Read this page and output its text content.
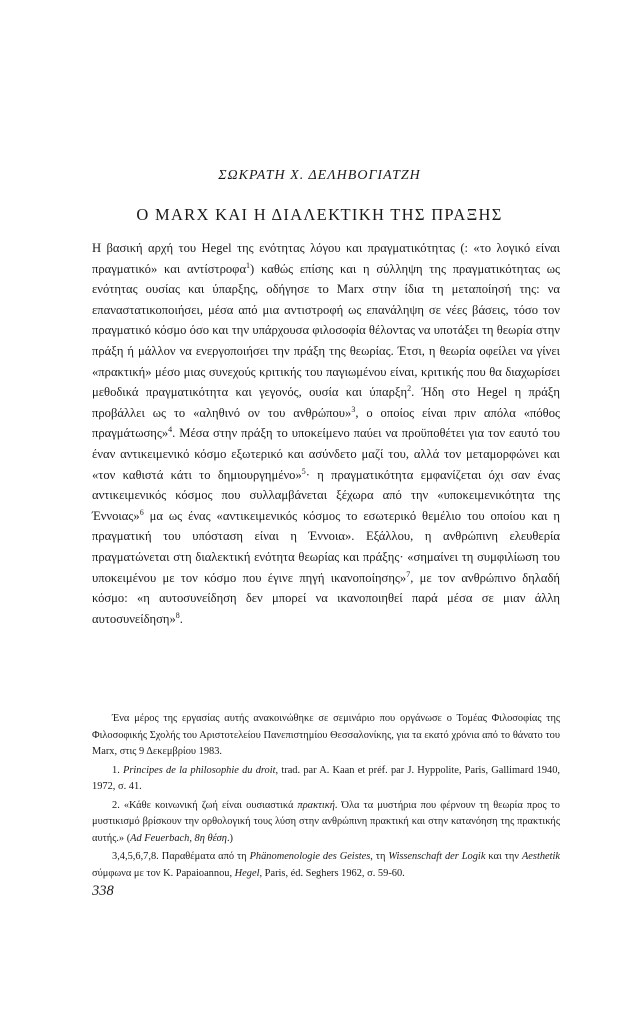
ΣΩΚΡΑΤΗ Χ. ΔΕΛΗΒΟΓΙΑΤΖΗ
Ο MARX ΚΑΙ Η ΔΙΑΛΕΚΤΙΚΗ ΤΗΣ ΠΡΑΞΗΣ

Η βασική αρχή του Hegel της ενότητας λόγου και πραγματικότητας (: «το λογικό είναι πραγματικό» και αντίστροφα$^1$) καθώς επίσης και η σύλληψη της πραγματικότητας ως ενότητας ουσίας και ύπαρξης, οδήγησε το Marx στην ίδια τη μεταποίησή της: να επαναστατικοποιήσει, μέσα από μια αντιστροφή ως επανάληψη σε νέες βάσεις, τόσο τον πραγματικό κόσμο όσο και την υπάρχουσα φιλοσοφία θέλοντας να υποτάξει τη θεωρία στην πράξη ή μάλλον να ενεργοποιήσει την πράξη της θεωρίας. Έτσι, η θεωρία οφείλει να γίνει «πρακτική» μέσο μιας συνεχούς κριτικής του παγιωμένου είναι, κριτικής που θα διαχωρίσει μεθοδικά πραγματικότητα και γεγονός, ουσία και ύπαρξη$^2$. Ήδη στο Hegel η πράξη προβάλλει ως το «αληθινό ον του ανθρώπου»$^3$, ο οποίος είναι πριν απόλα «πόθος πραγμάτωσης»$^4$. Μέσα στην πράξη το υποκείμενο παύει να προϋποθέτει για τον εαυτό του έναν αντικειμενικό κόσμο εξωτερικό και ασύνδετο μαζί του, αλλά τον μεταμορφώνει και «τον καθιστά κάτι το δημιουργημένο»$^5$· η πραγματικότητα εμφανίζεται όχι σαν ένας αντικειμενικός κόσμος που συλλαμβάνεται ξέχωρα από την «υποκειμενικότητα της Έννοιας»$^6$ μα ως ένας «αντικειμενικός κόσμος το εσωτερικό θεμέλιο του οποίου και η πραγματική του υπόσταση είναι η Έννοια». Εξάλλου, η ανθρώπινη ελευθερία πραγματώνεται στη διαλεκτική ενότητα θεωρίας και πράξης· «σημαίνει τη συμφιλίωση του υποκειμένου με τον κόσμο που έγινε πηγή ικανοποίησης»$^7$, με τον ανθρώπινο δηλαδή κόσμο: «η αυτοσυνείδηση δεν μπορεί να ικανοποιηθεί παρά μέσα σε μιαν άλλη αυτοσυνείδηση»$^8$.

Ένα μέρος της εργασίας αυτής ανακοινώθηκε σε σεμινάριο που οργάνωσε ο Τομέας Φιλοσοφίας της Φιλοσοφικής Σχολής του Αριστοτελείου Πανεπιστημίου Θεσσαλονίκης, για τα εκατό χρόνια από το θάνατο του Marx, στις 9 Δεκεμβρίου 1983.

1. Principes de la philosophie du droit, trad. par A. Kaan et préf. par J. Hyppolite, Paris, Gallimard 1940, 1972, σ. 41.

2. «Κάθε κοινωνική ζωή είναι ουσιαστικά πρακτική. Όλα τα μυστήρια που φέρνουν τη θεωρία προς το μυστικισμό βρίσκουν την ορθολογική τους λύση στην ανθρώπινη πρακτική και στην κατανόηση της πρακτικής αυτής.» (Ad Feuerbach, 8η θέση.)

3,4,5,6,7,8. Παραθέματα από τη Phänomenologie des Geistes, τη Wissenschaft der Logik και την Aesthetik σύμφωνα με τον K. Papaioannou, Hegel, Paris, éd. Seghers 1962, σ. 59-60.

338
